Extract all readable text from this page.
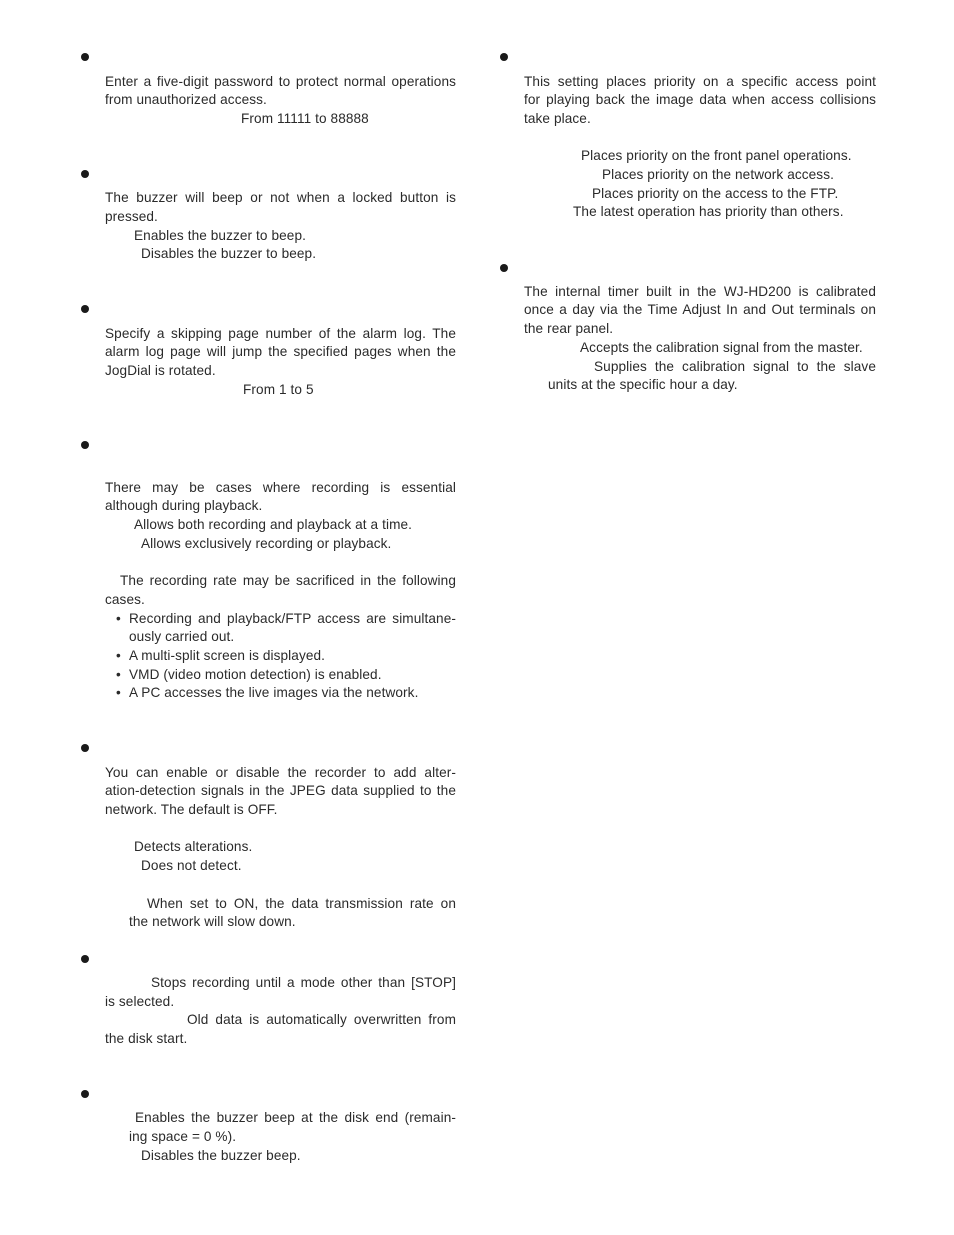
Enter a five-digit password to protect normal operations
from unauthorized access.
From 11111 to 88888
The buzzer will beep or not when a locked button is
pressed.
Enables the buzzer to beep.
Disables the buzzer to beep.
Specify a skipping page number of the alarm log. The
alarm log page will jump the specified pages when the
JogDial is rotated.
From 1 to 5
There may be cases where recording is essential
although during playback.
Allows both recording and playback at a time.
Allows exclusively recording or playback.
The recording rate may be sacrificed in the following
cases.
• Recording and playback/FTP access are simultane-
ously carried out.
• A multi-split screen is displayed.
• VMD (video motion detection) is enabled.
• A PC accesses the live images via the network.
You can enable or disable the recorder to add alter-
ation-detection signals in the JPEG data supplied to the
network. The default is OFF.
Detects alterations.
Does not detect.
When set to ON, the data transmission rate on
the network will slow down.
Stops recording until a mode other than [STOP]
is selected.
Old data is automatically overwritten from
the disk start.
Enables the buzzer beep at the disk end (remain-
ing space = 0 %).
Disables the buzzer beep.
This setting places priority on a specific access point
for playing back the image data when access collisions
take place.
Places priority on the front panel operations.
Places priority on the network access.
Places priority on the access to the FTP.
The latest operation has priority than others.
The internal timer built in the WJ-HD200 is calibrated
once a day via the Time Adjust In and Out terminals on
the rear panel.
Accepts the calibration signal from the master.
Supplies the calibration signal to the slave
units at the specific hour a day.
